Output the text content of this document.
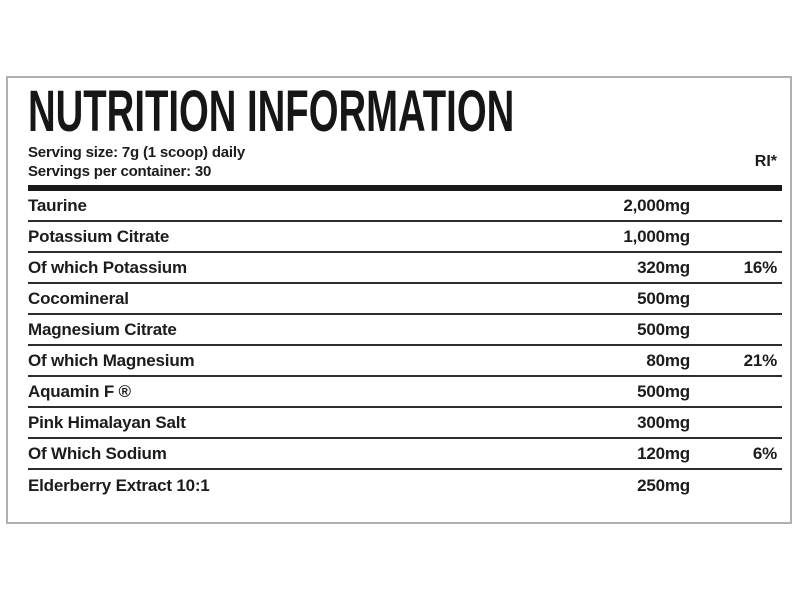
NUTRITION INFORMATION
Serving size: 7g (1 scoop) daily
Servings per container: 30
RI*
Taurine	2,000mg
Potassium Citrate	1,000mg
Of which Potassium	320mg	16%
Cocomineral	500mg
Magnesium Citrate	500mg
Of which Magnesium	80mg	21%
Aquamin F ®	500mg
Pink Himalayan Salt	300mg
Of Which Sodium	120mg	6%
Elderberry Extract 10:1	250mg
